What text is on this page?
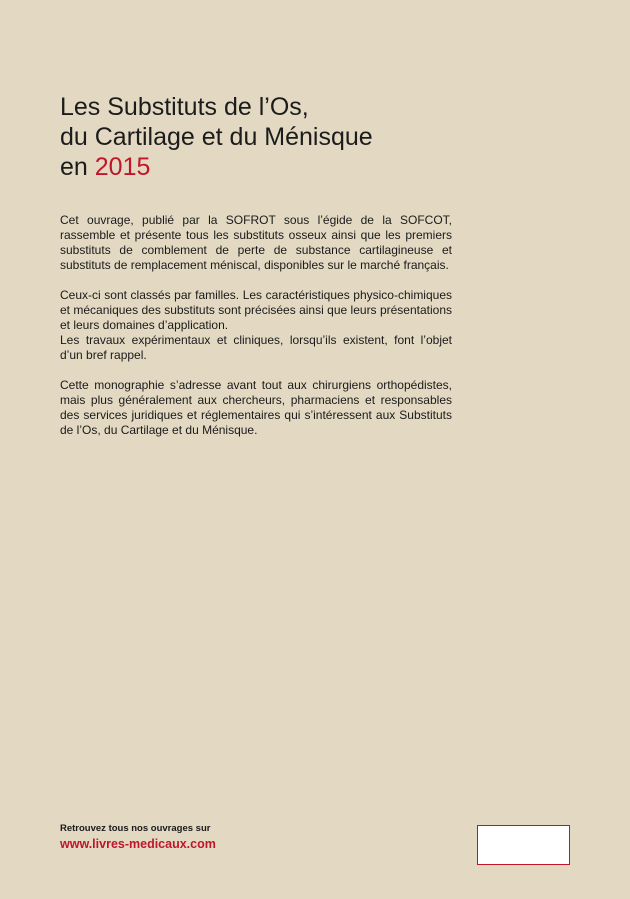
Les Substituts de l’Os,
du Cartilage et du Ménisque
en 2015

Cet ouvrage, publié par la SOFROT sous l’égide de la SOFCOT, rassemble et présente tous les substituts osseux ainsi que les premiers substituts de comblement de perte de substance cartilagineuse et substituts de remplacement méniscal, disponibles sur le marché français.

Ceux-ci sont classés par familles. Les caractéristiques physico-chimiques et mécaniques des substituts sont précisées ainsi que leurs présentations et leurs domaines d’application.

Les travaux expérimentaux et cliniques, lorsqu’ils existent, font l’objet d’un bref rappel.

Cette monographie s’adresse avant tout aux chirurgiens orthopédistes, mais plus généralement aux chercheurs, pharmaciens et responsables des services juridiques et réglementaires qui s’intéressent aux Substituts de l’Os, du Cartilage et du Ménisque.

Retrouvez tous nos ouvrages sur
www.livres-medicaux.com
